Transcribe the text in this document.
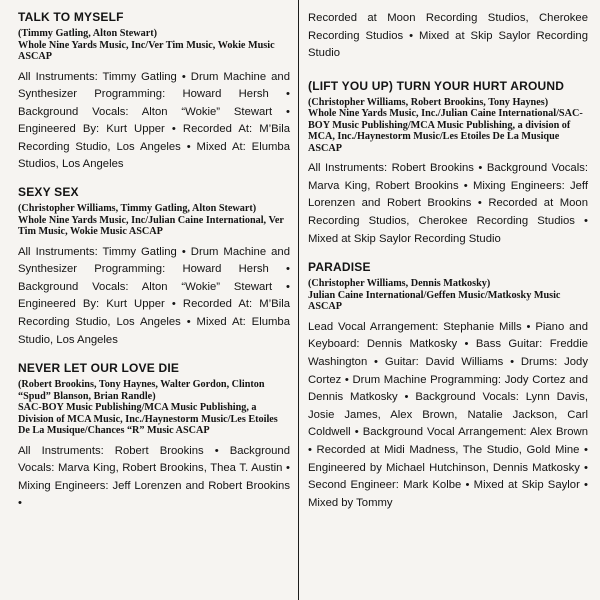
TALK TO MYSELF

(Timmy Gatling, Alton Stewart)

Whole Nine Yards Music, Inc/Ver Tim Music, Wokie Music ASCAP

All Instruments: Timmy Gatling • Drum Machine and Synthesizer Programming: Howard Hersh • Background Vocals: Alton “Wokie” Stewart • Engineered By: Kurt Upper • Recorded At: M’Bila Recording Studio, Los Angeles • Mixed At: Elumba Studios, Los Angeles

SEXY SEX

(Christopher Williams, Timmy Gatling, Alton Stewart)

Whole Nine Yards Music, Inc/Julian Caine International, Ver Tim Music, Wokie Music ASCAP

All Instruments: Timmy Gatling • Drum Machine and Synthesizer Programming: Howard Hersh • Background Vocals: Alton “Wokie” Stewart • Engineered By: Kurt Upper • Recorded At: M’Bila Recording Studio, Los Angeles • Mixed At: Elumba Studio, Los Angeles

NEVER LET OUR LOVE DIE

(Robert Brookins, Tony Haynes, Walter Gordon, Clinton “Spud” Blanson, Brian Randle)

SAC-BOY Music Publishing/MCA Music Publishing, a Division of MCA Music, Inc./Haynestorm Music/Les Etoiles De La Musique/Chances “R” Music ASCAP

All Instruments: Robert Brookins • Background Vocals: Marva King, Robert Brookins, Thea T. Austin • Mixing Engineers: Jeff Lorenzen and Robert Brookins •

Recorded at Moon Recording Studios, Cherokee Recording Studios • Mixed at Skip Saylor Recording Studio

(LIFT YOU UP) TURN YOUR HURT AROUND

(Christopher Williams, Robert Brookins, Tony Haynes)

Whole Nine Yards Music, Inc./Julian Caine International/SAC-BOY Music Publishing/MCA Music Publishing, a division of MCA, Inc./Haynestorm Music/Les Etoiles De La Musique ASCAP

All Instruments: Robert Brookins • Background Vocals: Marva King, Robert Brookins • Mixing Engineers: Jeff Lorenzen and Robert Brookins • Recorded at Moon Recording Studios, Cherokee Recording Studios • Mixed at Skip Saylor Recording Studio

PARADISE

(Christopher Williams, Dennis Matkosky)

Julian Caine International/Geffen Music/Matkosky Music ASCAP

Lead Vocal Arrangement: Stephanie Mills • Piano and Keyboard: Dennis Matkosky • Bass Guitar: Freddie Washington • Guitar: David Williams • Drums: Jody Cortez • Drum Machine Programming: Jody Cortez and Dennis Matkosky • Background Vocals: Lynn Davis, Josie James, Alex Brown, Natalie Jackson, Carl Coldwell • Background Vocal Arrangement: Alex Brown • Recorded at Midi Madness, The Studio, Gold Mine • Engineered by Michael Hutchinson, Dennis Matkosky • Second Engineer: Mark Kolbe • Mixed at Skip Saylor • Mixed by Tommy
